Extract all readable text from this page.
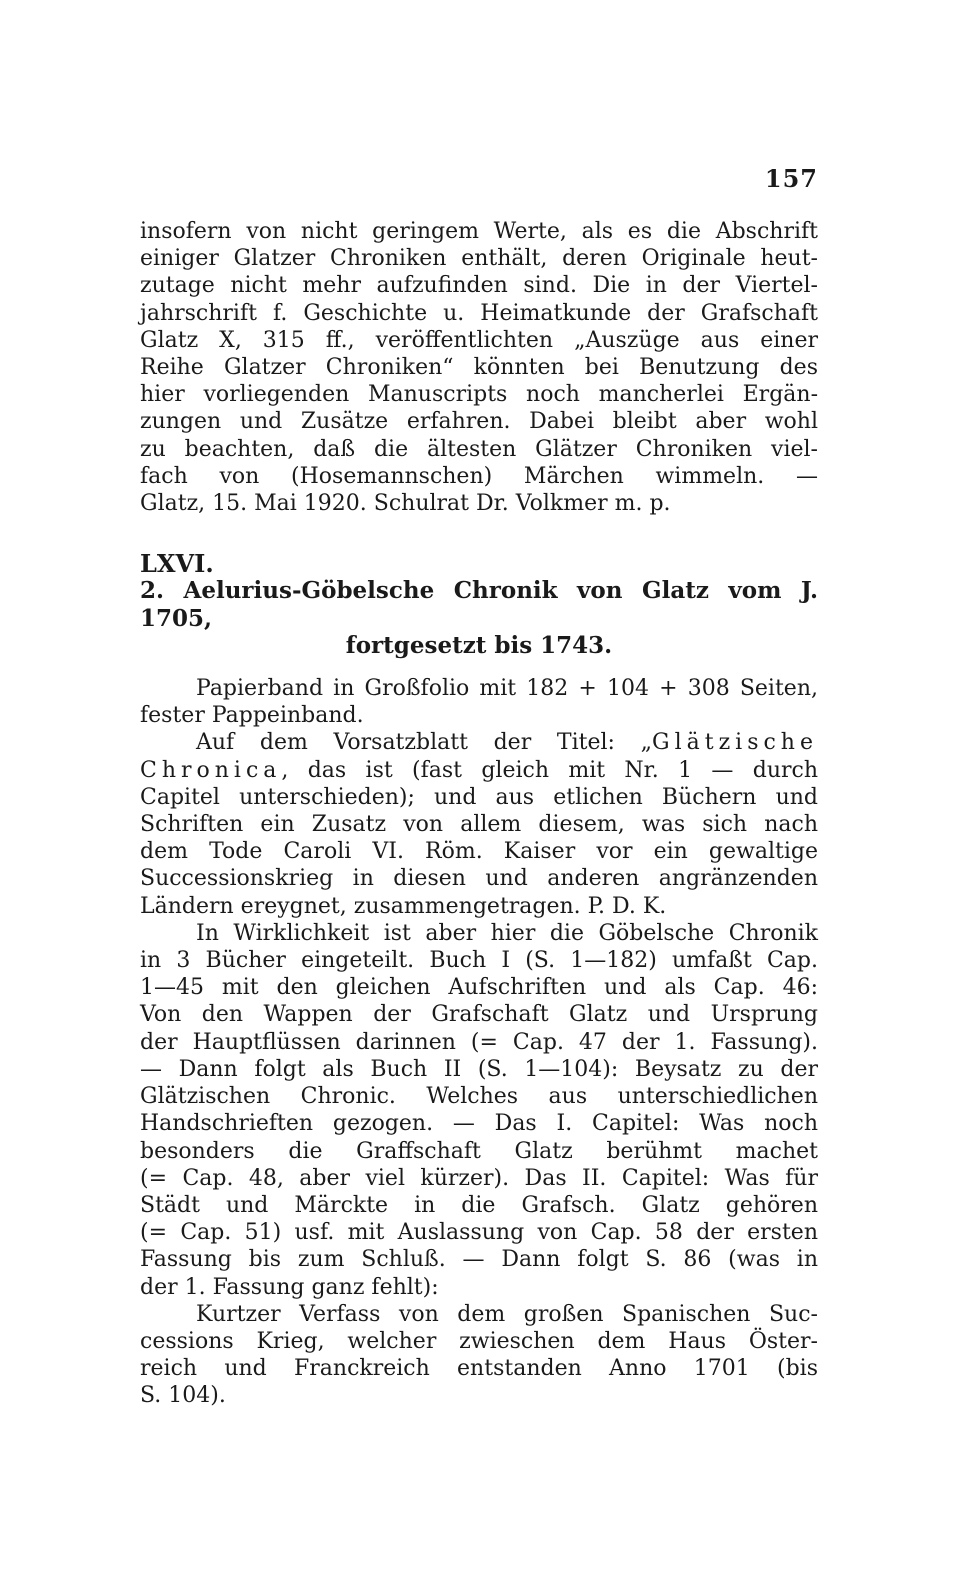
157
insofern von nicht geringem Werte, als es die Abschrift
einiger Glatzer Chroniken enthält, deren Originale heut-
zutage nicht mehr aufzufinden sind. Die in der Viertel-
jahrschrift f. Geschichte u. Heimatkunde der Grafschaft
Glatz X, 315 ff., veröffentlichten „Auszüge aus einer
Reihe Glatzer Chroniken“ könnten bei Benutzung des
hier vorliegenden Manuscripts noch mancherlei Ergän-
zungen und Zusätze erfahren. Dabei bleibt aber wohl
zu beachten, daß die ältesten Glätzer Chroniken viel-
fach von (Hosemannschen) Märchen wimmeln. —
Glatz, 15. Mai 1920. Schulrat Dr. Volkmer m. p.
LXVI.
2. Aelurius-Göbelsche Chronik von Glatz vom J. 1705,
fortgesetzt bis 1743.
Papierband in Großfolio mit 182 + 104 + 308 Seiten,
fester Pappeinband.
Auf dem Vorsatzblatt der Titel: „Glätzische
Chronica, das ist (fast gleich mit Nr. 1 — durch
Capitel unterschieden); und aus etlichen Büchern und
Schriften ein Zusatz von allem diesem, was sich nach
dem Tode Caroli VI. Röm. Kaiser vor ein gewaltige
Successionskrieg in diesen und anderen angränzenden
Ländern ereygnet, zusammengetragen. P. D. K.
In Wirklichkeit ist aber hier die Göbelsche Chronik
in 3 Bücher eingeteilt. Buch I (S. 1—182) umfaßt Cap.
1—45 mit den gleichen Aufschriften und als Cap. 46:
Von den Wappen der Grafschaft Glatz und Ursprung
der Hauptflüssen darinnen (= Cap. 47 der 1. Fassung).
— Dann folgt als Buch II (S. 1—104): Beysatz zu der
Glätzischen Chronic. Welches aus unterschiedlichen
Handschrieften gezogen. — Das I. Capitel: Was noch
besonders die Graffschaft Glatz berühmt machet
(= Cap. 48, aber viel kürzer). Das II. Capitel: Was für
Städt und Märckte in die Grafsch. Glatz gehören
(= Cap. 51) usf. mit Auslassung von Cap. 58 der ersten
Fassung bis zum Schluß. — Dann folgt S. 86 (was in
der 1. Fassung ganz fehlt):
Kurtzer Verfass von dem großen Spanischen Suc-
cessions Krieg, welcher zwieschen dem Haus Öster-
reich und Franckreich entstanden Anno 1701 (bis
S. 104).
